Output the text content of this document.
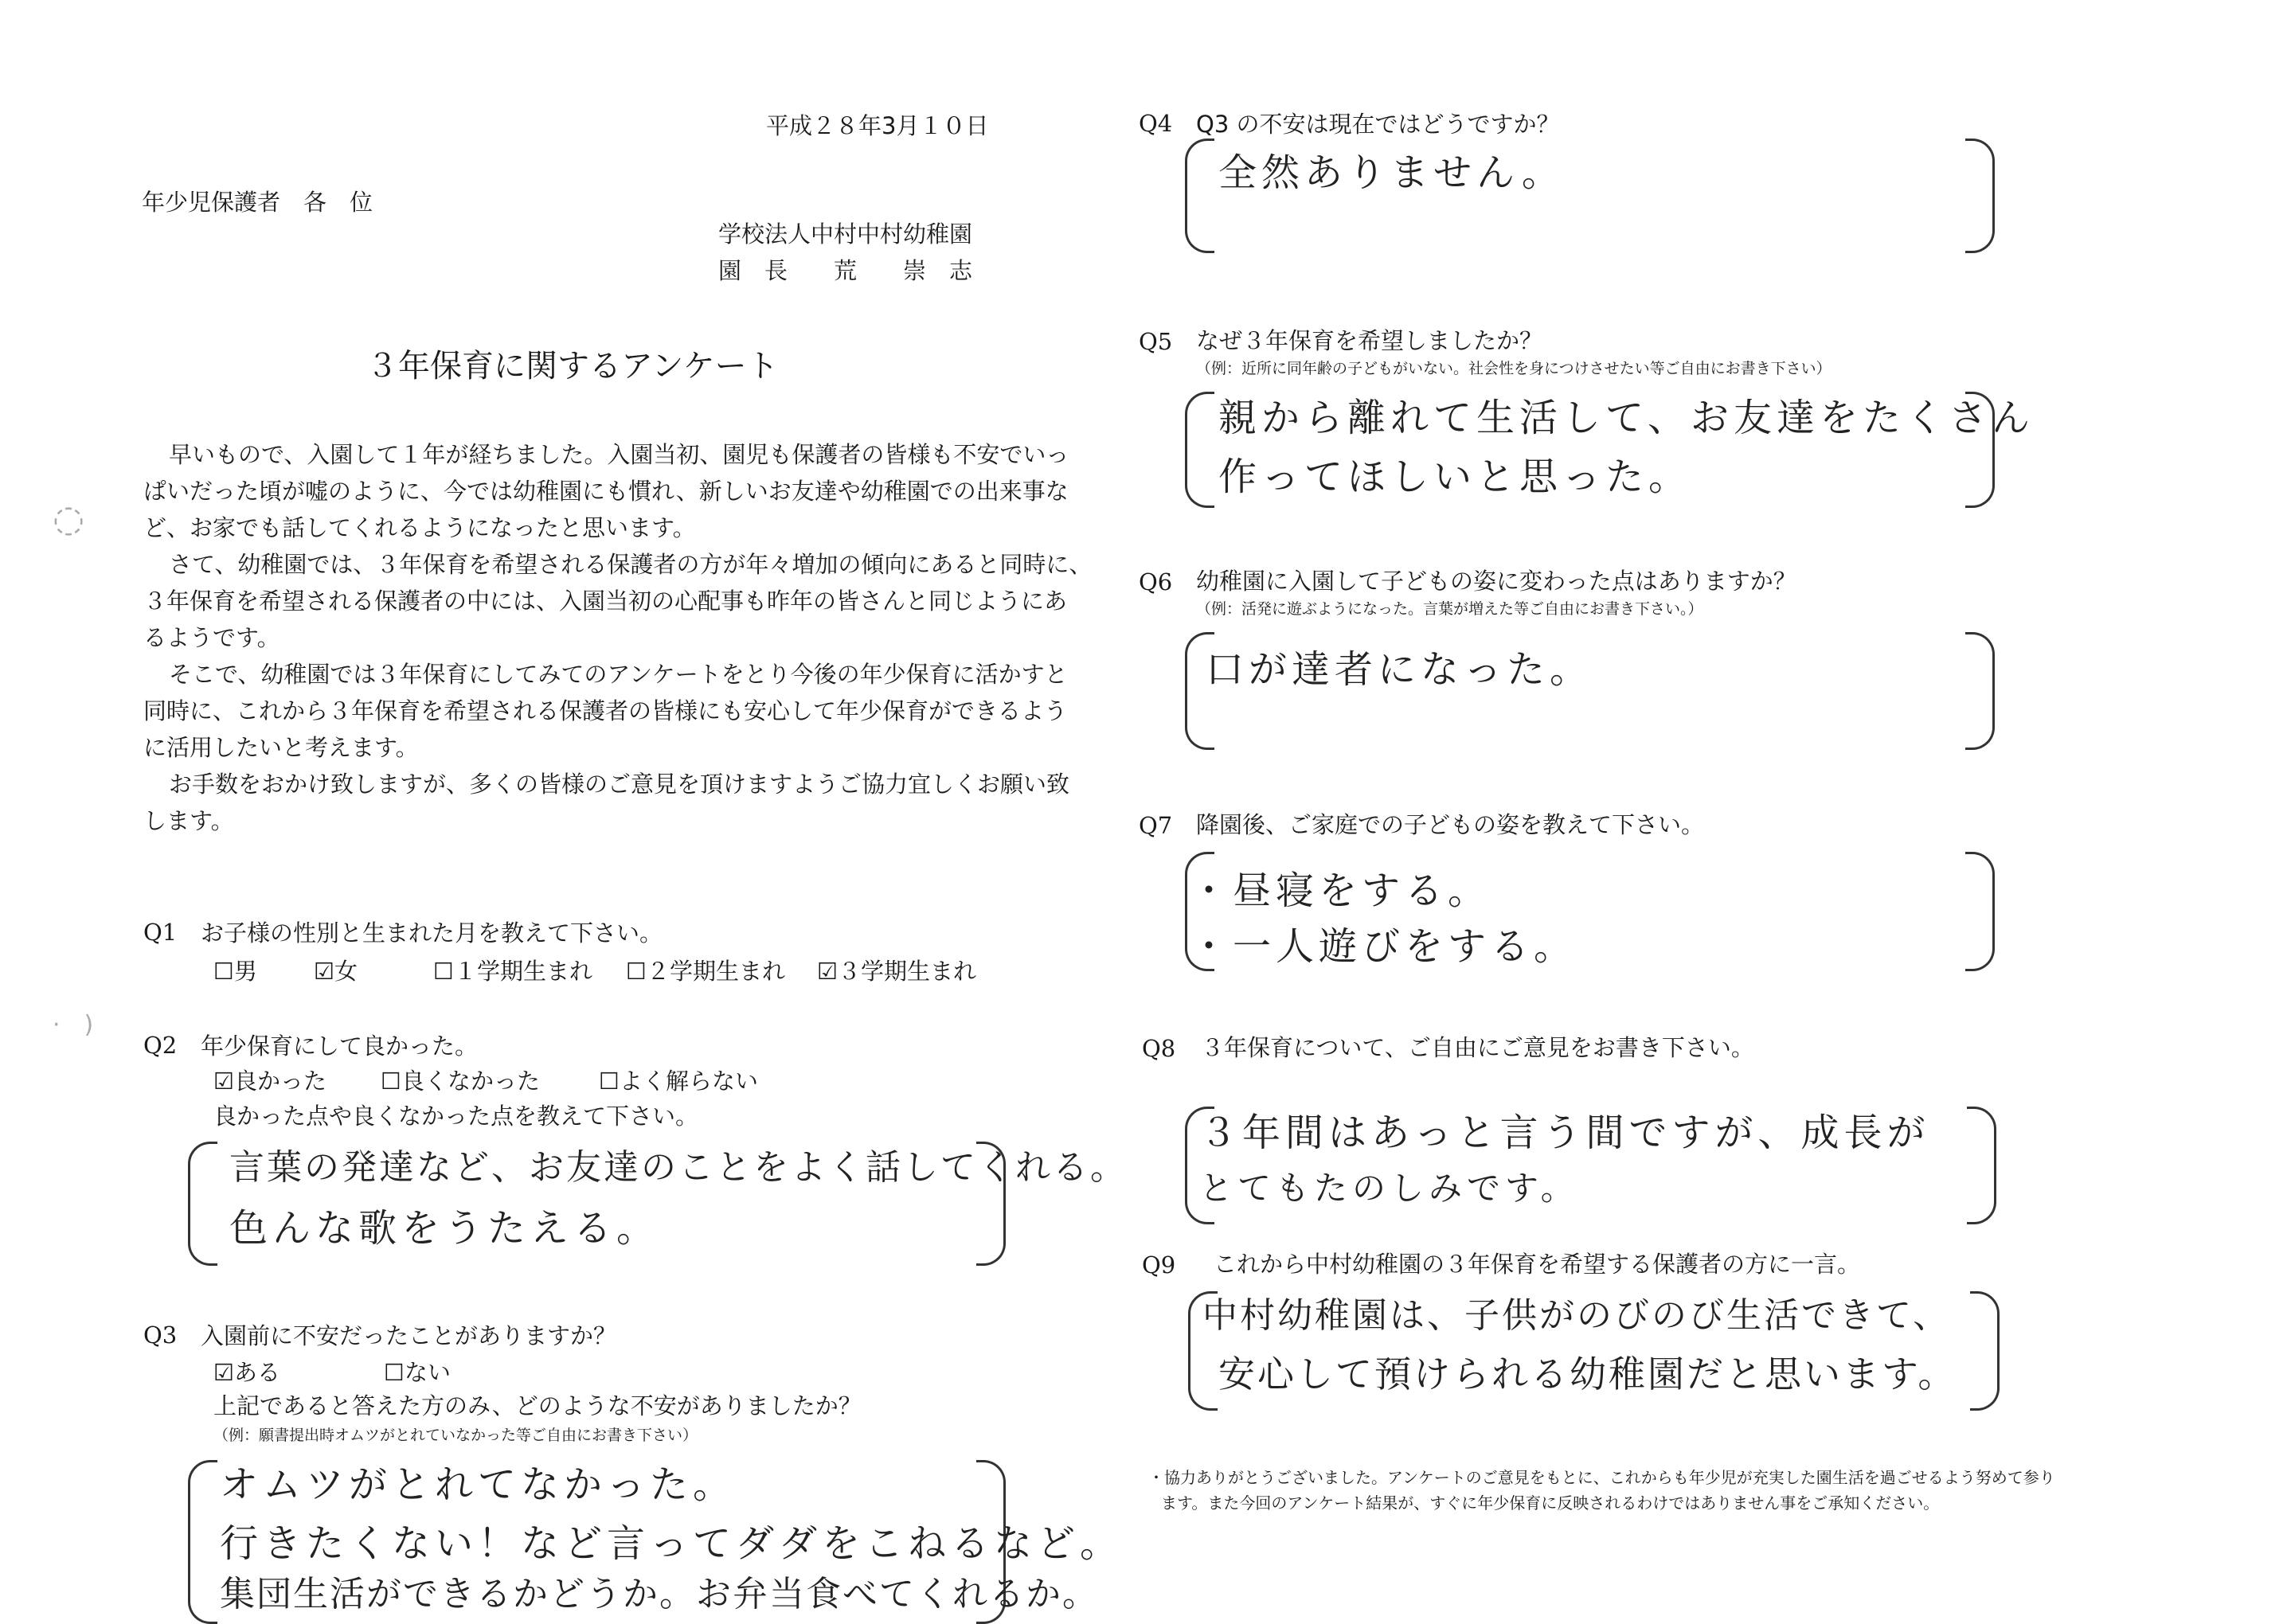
平成２８年3月１０日
年少児保護者　各　位
学校法人中村中村幼稚園
園　長　　荒　　崇　志
３年保育に関するアンケート
早いもので、入園して１年が経ちました。入園当初、園児も保護者の皆様も不安でいっ
ぱいだった頃が嘘のように、今では幼稚園にも慣れ、新しいお友達や幼稚園での出来事な
ど、お家でも話してくれるようになったと思います。
さて、幼稚園では、３年保育を希望される保護者の方が年々増加の傾向にあると同時に、
３年保育を希望される保護者の中には、入園当初の心配事も昨年の皆さんと同じようにあ
るようです。
そこで、幼稚園では３年保育にしてみてのアンケートをとり今後の年少保育に活かすと
同時に、これから３年保育を希望される保護者の皆様にも安心して年少保育ができるよう
に活用したいと考えます。
お手数をおかけ致しますが、多くの皆様のご意見を頂けますようご協力宜しくお願い致
します。
◌
·　)
Q1 お子様の性別と生まれた月を教えて下さい。
☐男 ☑女	☐１学期生まれ ☐２学期生まれ ☑３学期生まれ
Q2 年少保育にして良かった。
☑良かった ☐良くなかった	☐よく解らない
良かった点や良くなかった点を教えて下さい。
言葉の発達など、お友達のことをよく話してくれる。
色んな歌をうたえる。
Q3 入園前に不安だったことがありますか？
☑ある	☐ない
上記であると答えた方のみ、どのような不安がありましたか？
（例：願書提出時オムツがとれていなかった等ご自由にお書き下さい）
オムツがとれてなかった。
行きたくない！など言ってダダをこねるなど。
集団生活ができるかどうか。お弁当食べてくれるか。
Q4 Q3 の不安は現在ではどうですか？
全然ありません。
Q5 なぜ３年保育を希望しましたか？
（例：近所に同年齢の子どもがいない。社会性を身につけさせたい等ご自由にお書き下さい）
親から離れて生活して、お友達をたくさん
作ってほしいと思った。
Q6 幼稚園に入園して子どもの姿に変わった点はありますか？
（例：活発に遊ぶようになった。言葉が増えた等ご自由にお書き下さい。）
口が達者になった。
Q7 降園後、ご家庭での子どもの姿を教えて下さい。
・昼寝をする。
・一人遊びをする。
Q8 ３年保育について、ご自由にご意見をお書き下さい。
３年間はあっと言う間ですが、成長が
とてもたのしみです。
Q9 これから中村幼稚園の３年保育を希望する保護者の方に一言。
中村幼稚園は、子供がのびのび生活できて、
安心して預けられる幼稚園だと思います。
・協力ありがとうございました。アンケートのご意見をもとに、これからも年少児が充実した園生活を過ごせるよう努めて参り
ます。また今回のアンケート結果が、すぐに年少保育に反映されるわけではありません事をご承知ください。
